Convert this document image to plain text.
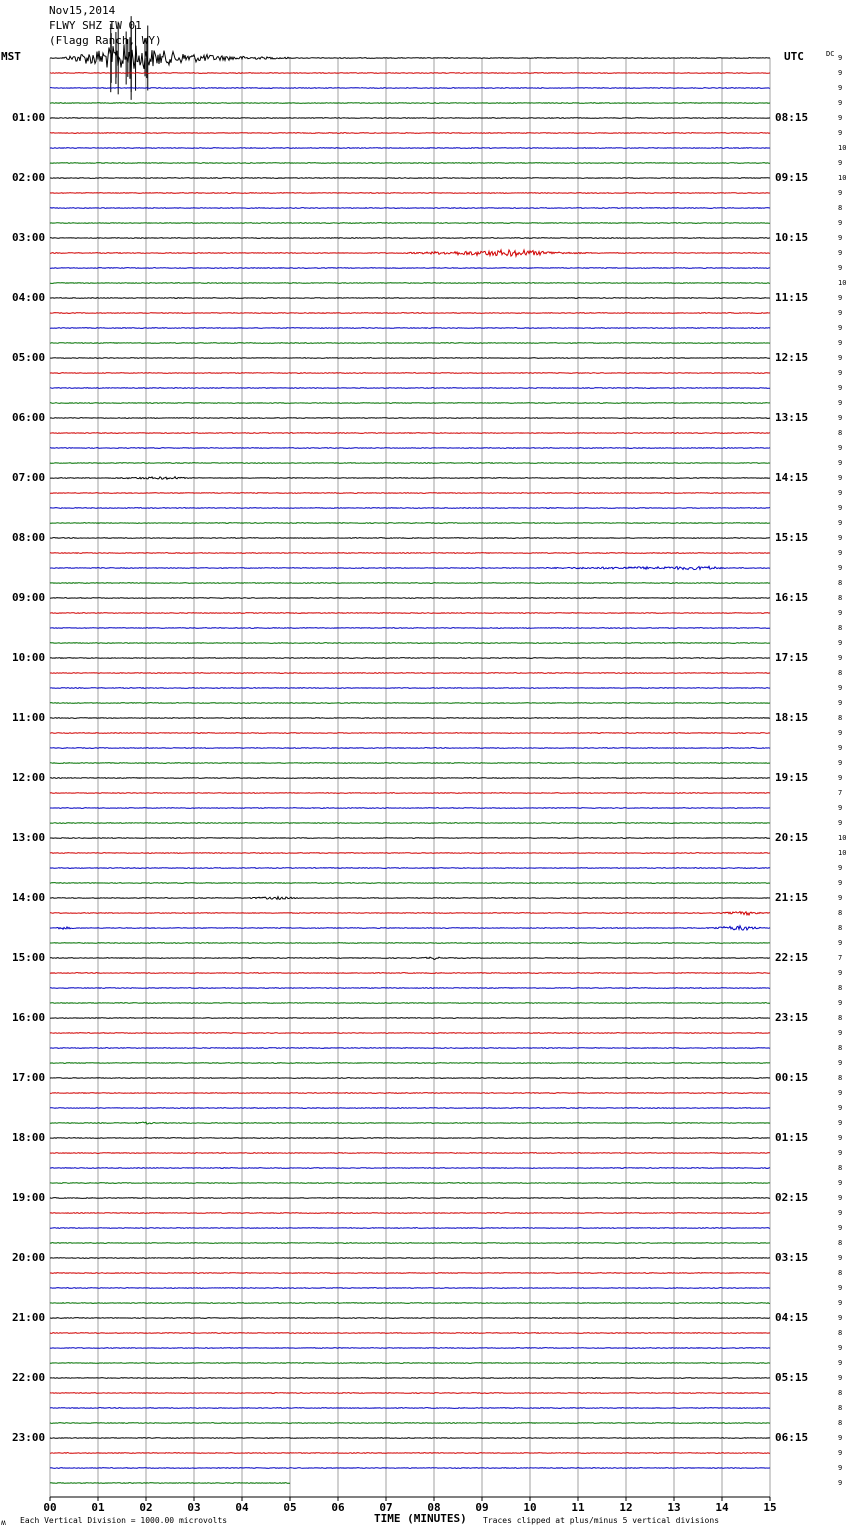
00	01	02	03	04	05	06	07	08	09	10	11	12	13	14	15
Nov15,2014
FLWY SHZ IW 01
(Flagg Ranch, WY)
MST	UTC	DC
01:00
02:00
03:00
04:00
05:00
06:00
07:00
08:00
09:00
10:00
11:00
12:00
13:00
14:00
15:00
16:00
17:00
18:00
19:00
20:00
21:00
22:00
23:00
08:15
09:15
10:15
11:15
12:15
13:15
14:15
15:15
16:15
17:15
18:15
19:15
20:15
21:15
22:15
23:15
00:15
01:15
02:15
03:15
04:15
05:15
06:15
9
9
9
9
9
9
10
9
10
9
8
9
9
9
9
10
9
9
9
9
9
9
9
9
9
8
9
9
9
9
9
9
9
9
9
8
8
9
8
9
9
8
9
9
8
9
9
9
9
7
9
9
10
10
9
9
9
8
8
9
7
9
8
9
8
9
8
9
8
9
9
9
9
9
8
9
9
9
9
8
9
8
9
9
9
8
9
9
9
8
8
8
9
9
9
9
TIME (MINUTES)
ʍ Each Vertical Division = 1000.00 microvolts	Traces clipped at plus/minus 5 vertical divisions
